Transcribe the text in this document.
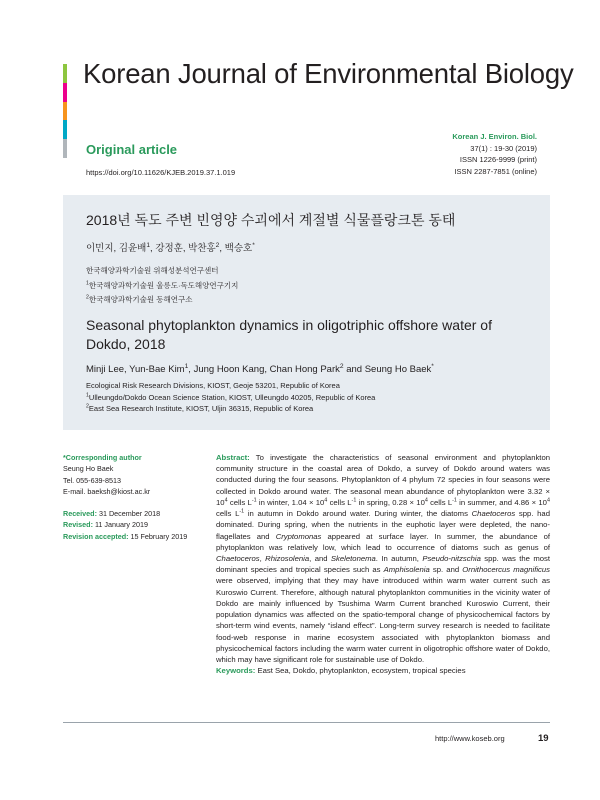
Korean Journal of Environmental Biology
Original article
https://doi.org/10.11626/KJEB.2019.37.1.019
Korean J. Environ. Biol.
37(1) : 19-30 (2019)
ISSN 1226-9999 (print)
ISSN 2287-7851 (online)
2018년 독도 주변 빈영양 수괴에서 계절별 식물플랑크톤 동태
이민지, 김윤배$^1$, 강정훈, 박찬홍$^2$, 백승호*
한국해양과학기술원 위해성분석연구센터
$^1$한국해양과학기술원 울릉도·독도해양연구기지
$^2$한국해양과학기술원 동해연구소
Seasonal phytoplankton dynamics in oligotriphic offshore water of Dokdo, 2018
Minji Lee, Yun-Bae Kim$^1$, Jung Hoon Kang, Chan Hong Park$^2$ and Seung Ho Baek*
Ecological Risk Research Divisions, KIOST, Geoje 53201, Republic of Korea
$^1$Ulleungdo/Dokdo Ocean Science Station, KIOST, Ulleungdo 40205, Republic of Korea
$^2$East Sea Research Institute, KIOST, Uljin 36315, Republic of Korea
*Corresponding author
Seung Ho Baek
Tel. 055-639-8513
E-mail. baeksh@kiost.ac.kr
Received: 31 December 2018
Revised: 11 January 2019
Revision accepted: 15 February 2019

Abstract: To investigate the characteristics of seasonal environment and phytoplankton community structure in the coastal area of Dokdo, a survey of Dokdo around waters was conducted during the four seasons. Phytoplankton of 4 phylum 72 species in four seasons were collected in Dokdo around water. The seasonal mean abundance of phytoplankton were $3.32 \times 10^4$ cells $L^{-1}$ in winter, $1.04 \times 10^4$ cells $L^{-1}$ in spring, $0.28 \times 10^4$ cells $L^{-1}$ in summer, and $4.86 \times 10^4$ cells $L^{-1}$ in autumn in Dokdo around water. During winter, the diatoms Chaetoceros spp. had dominated. During spring, when the nutrients in the euphotic layer were depleted, the nano-flagellates and Cryptomonas appeared at surface layer. In summer, the abundance of phytoplankton was relatively low, which lead to occurrence of diatoms such as genus of Chaetoceros, Rhizosolenia, and Skeletonema. In autumn, Pseudo-nitzschia spp. was the most dominant species and tropical species such as Amphisolenia sp. and Ornithocercus magnificus were observed, implying that they may have introduced within warm water current such as Kuroswio Current. Therefore, although natural phytoplankton communities in the vicinity water of Dokdo are mainly influenced by Tsushima Warm Current branched Kuroswio Current, their population dynamics was affected on the spatio-temporal change of physicochemical factors by short-term wind events, namely “island effect”. Long-term survey research is needed to facilitate food-web response in marine ecosystem associated with phytoplankton biomass and physicochemical factors including the warm water current in oligotrophic offshore water of Dokdo, which may have significant role for sustainable use of Dokdo.

Keywords: East Sea, Dokdo, phytoplankton, ecosystem, tropical species

http://www.koseb.org	19
